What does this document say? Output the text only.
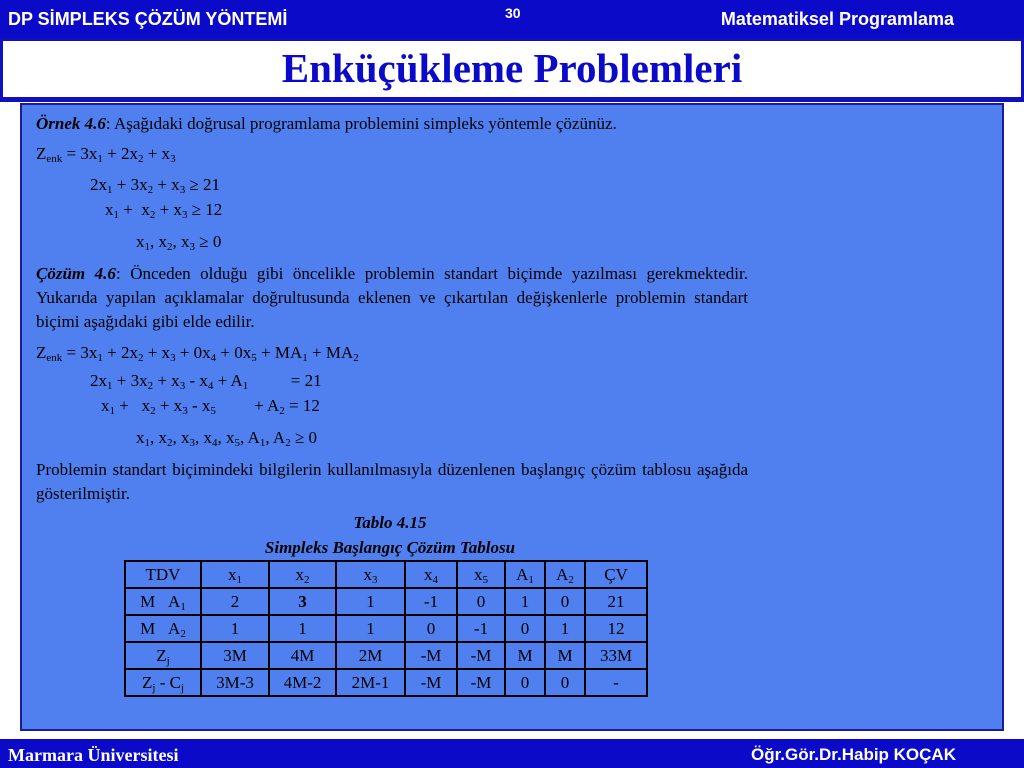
DP SİMPLEKS ÇÖZÜM YÖNTEMİ	30	Matematiksel Programlama
Enküçükleme Problemleri
Örnek 4.6: Aşağıdaki doğrusal programlama problemini simpleks yöntemle çözünüz.
$Z_{enk} = 3x_1 + 2x_2 + x_3$
$2x_1 + 3x_2 + x_3 \ge 21$
$x_1 + x_2 + x_3 \ge 12$
$x_1$, $x_2$, $x_3 \ge 0$
Çözüm 4.6: Önceden olduğu gibi öncelikle problemin standart biçimde yazılması gerekmektedir. Yukarıda yapılan açıklamalar doğrultusunda eklenen ve çıkartılan değişkenlerle problemin standart biçimi aşağıdaki gibi elde edilir.
$Z_{enk} = 3x_1 + 2x_2 + x_3 + 0x_4 + 0x_5 + MA_1 + MA_2$
$2x_1 + 3x_2 + x_3 - x_4 + A_1$          = 21
$x_1 + x_2 + x_3 - x_5$         + $A_2 = 12$
$x_1$, $x_2$, $x_3$, $x_4$, $x_5$, $A_1$, $A_2 \ge 0$
Problemin standart biçimindeki bilgilerin kullanılmasıyla düzenlenen başlangıç çözüm tablosu aşağıda gösterilmiştir.
Tablo 4.15
Simpleks Başlangıç Çözüm Tablosu
TDV	$x_1$	$x_2$	$x_3$	$x_4$	$x_5$	$A_1$	$A_2$	ÇV
M   $A_1$	2	3	1	-1	0	1	0	21
M   $A_2$	1	1	1	0	-1	0	1	12
$Z_j$	3M	4M	2M	-M	-M	M	M	33M
$Z_j - C_j$	3M-3	4M-2	2M-1	-M	-M	0	0	-
Marmara Üniversitesi	Öğr.Gör.Dr.Habip KOÇAK
